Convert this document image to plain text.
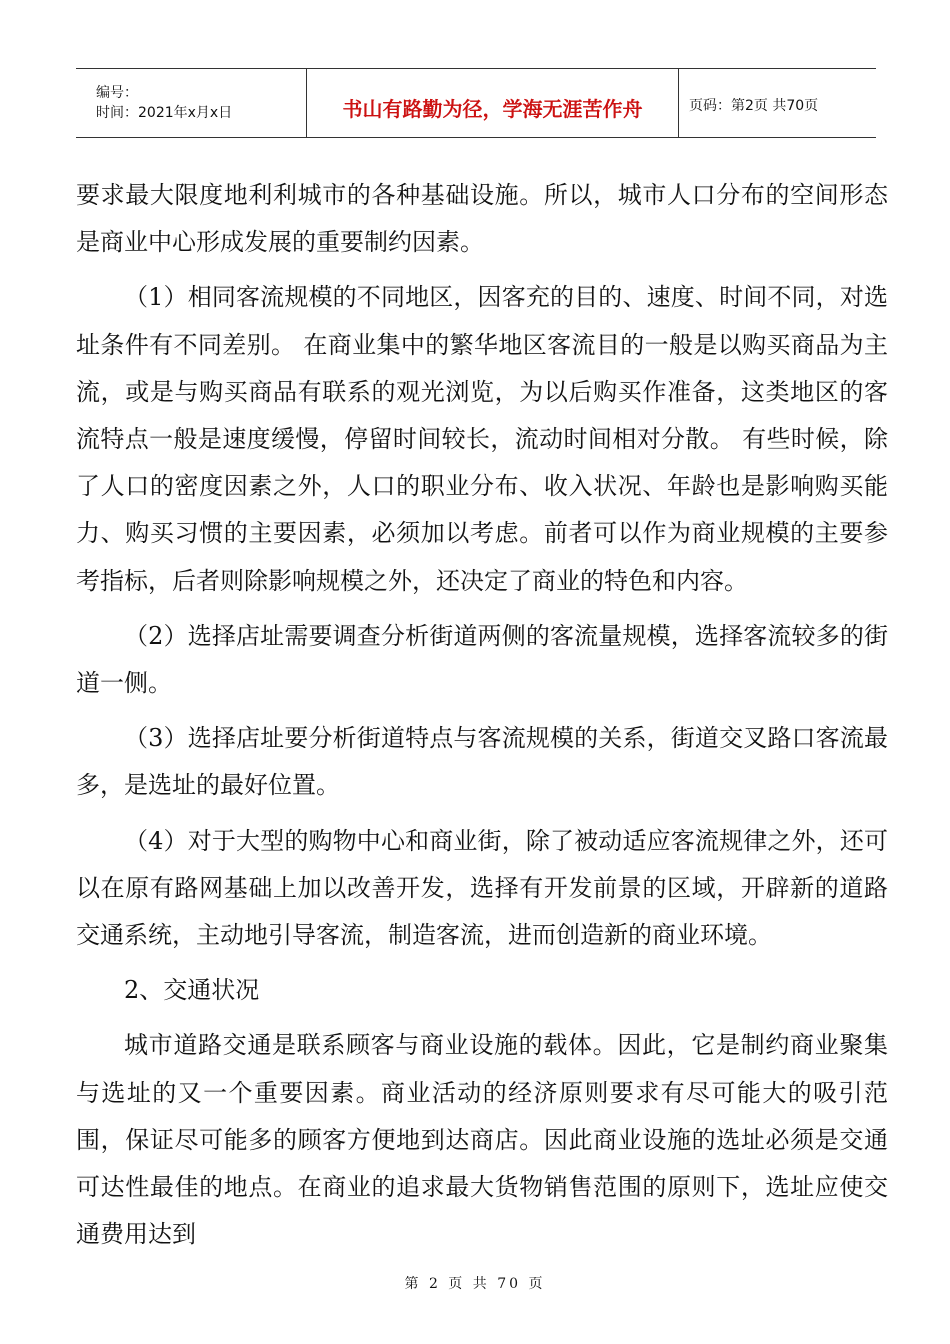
编号：
时间：2021年x月x日	书山有路勤为径，学海无涯苦作舟	页码：第2页 共70页

要求最大限度地利利城市的各种基础设施。所以，城市人口分布的空间形态是商业中心形成发展的重要制约因素。

（1）相同客流规模的不同地区，因客充的目的、速度、时间不同，对选址条件有不同差别。 在商业集中的繁华地区客流目的一般是以购买商品为主流，或是与购买商品有联系的观光浏览，为以后购买作准备，这类地区的客流特点一般是速度缓慢，停留时间较长，流动时间相对分散。 有些时候，除了人口的密度因素之外，人口的职业分布、收入状况、年龄也是影响购买能力、购买习惯的主要因素，必须加以考虑。前者可以作为商业规模的主要参考指标，后者则除影响规模之外，还决定了商业的特色和内容。

（2）选择店址需要调查分析街道两侧的客流量规模，选择客流较多的街道一侧。

（3）选择店址要分析街道特点与客流规模的关系，街道交叉路口客流最多，是选址的最好位置。

（4）对于大型的购物中心和商业街，除了被动适应客流规律之外，还可以在原有路网基础上加以改善开发，选择有开发前景的区域，开辟新的道路交通系统，主动地引导客流，制造客流，进而创造新的商业环境。

2、交通状况

城市道路交通是联系顾客与商业设施的载体。因此，它是制约商业聚集与选址的又一个重要因素。商业活动的经济原则要求有尽可能大的吸引范围，保证尽可能多的顾客方便地到达商店。因此商业设施的选址必须是交通可达性最佳的地点。在商业的追求最大货物销售范围的原则下，选址应使交通费用达到

第 2 页 共 70 页
